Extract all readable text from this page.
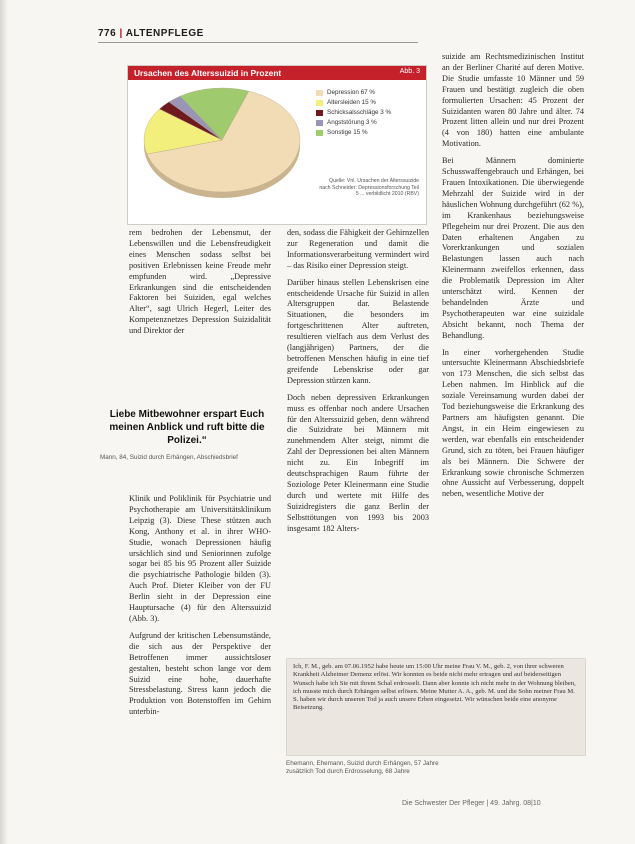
776 | ALTENPFLEGE
Ursachen des Alterssuizid in Prozent	Abb. 3
Depression 67 %
Altersleiden 15 %
Schicksalsschläge 3 %
Angststörung 3 %
Sonstige 15 %
Quelle: Vnl. Ursachen der Alterssuizide nach Schneider: Depressionsforschung Teil 5 ... verbildlicht 2010 (RBV)

rem bedrohen der Lebensmut, der Lebenswillen und die Lebensfreudigkeit eines Menschen sodass selbst bei positiven Erlebnissen keine Freude mehr empfunden wird. „Depressive Erkrankungen sind die entscheidenden Faktoren bei Suiziden, egal welches Alter“, sagt Ulrich Hegerl, Leiter des Kompetenznetzes Depression Suizidalität und Direktor der

Liebe Mitbewohner erspart Euch meinen Anblick und ruft bitte die Polizei.“
Mann, 84, Suizid durch Erhängen, Abschiedsbrief

Klinik und Poliklinik für Psychiatrie und Psychotherapie am Universitätsklinikum Leipzig (3). Diese These stützen auch Kong, Anthony et al. in ihrer WHO-Studie, wonach Depressionen häufig ursächlich sind und Seniorinnen zufolge sogar bei 85 bis 95 Prozent aller Suizide die psychiatrische Pathologie bilden (3). Auch Prof. Dieter Kleiber von der FU Berlin sieht in der Depression eine Hauptursache (4) für den Alterssuizid (Abb. 3).

Aufgrund der kritischen Lebensumstände, die sich aus der Perspektive der Betroffenen immer aussichtsloser gestalten, besteht schon lange vor dem Suizid eine hohe, dauerhafte Stressbelastung. Stress kann jedoch die Produktion von Botenstoffen im Gehirn unterbin-

den, sodass die Fähigkeit der Gehirnzellen zur Regeneration und damit die Informationsverarbeitung vermindert wird – das Risiko einer Depression steigt.

Darüber hinaus stellen Lebenskrisen eine entscheidende Ursache für Suizid in allen Altersgruppen dar. Belastende Situationen, die besonders im fortgeschrittenen Alter auftreten, resultieren vielfach aus dem Verlust des (langjährigen) Partners, der die betroffenen Menschen häufig in eine tief greifende Lebenskrise oder gar Depression stürzen kann.

Doch neben depressiven Erkrankungen muss es offenbar noch andere Ursachen für den Alterssuizid geben, denn während die Suizidrate bei Männern mit zunehmendem Alter steigt, nimmt die Zahl der Depressionen bei alten Männern nicht zu. Ein Inbegriff im deutschsprachigen Raum führte der Soziologe Peter Kleinermann eine Studie durch und wertete mit Hilfe des Suizidregisters die ganz Berlin der Selbsttötungen von 1993 bis 2003 insgesamt 182 Alters-

suizide am Rechtsmedizinischen Institut an der Berliner Charité auf deren Motive. Die Studie umfasste 10 Männer und 59 Frauen und bestätigt zugleich die oben formulierten Ursachen: 45 Prozent der Suizidanten waren 80 Jahre und älter. 74 Prozent litten allein und nur drei Prozent (4 von 180) hatten eine ambulante Motivation.

Bei Männern dominierte Schusswaffengebrauch und Erhängen, bei Frauen Intoxikationen. Die überwiegende Mehrzahl der Suizide wird in der häuslichen Wohnung durchgeführt (62 %), im Krankenhaus beziehungsweise Pflegeheim nur drei Prozent. Die aus den Daten erhaltenen Angaben zu Vorerkrankungen und sozialen Belastungen lassen auch nach Kleinermann zweifellos erkennen, dass die Problematik Depression im Alter unterschätzt wird. Kennen der behandelnden Ärzte und Psychotherapeuten war eine suizidale Absicht bekannt, noch Thema der Behandlung.

In einer vorhergehenden Studie untersuchte Kleinermann Abschiedsbriefe von 173 Menschen, die sich selbst das Leben nahmen. Im Hinblick auf die soziale Vereinsamung wurden dabei der Tod beziehungsweise die Erkrankung des Partners am häufigsten genannt. Die Angst, in ein Heim eingewiesen zu werden, war ebenfalls ein entscheidender Grund, sich zu töten, bei Frauen häufiger als bei Männern. Die Schwere der Erkrankung sowie chronische Schmerzen ohne Aussicht auf Verbesserung, doppelt neben, wesentliche Motive der

Ich, F. M., geb. am 07.06.1952 habe heute um 15:00 Uhr meine Frau V. M., geb. 2, von ihrer schweren Krankheit Alzheimer Demenz erlöst. Wir konnten es beide nicht mehr ertragen und auf beiderseitigen Wunsch habe ich Sie mit ihrem Schal erdrosselt. Dann aber konnte ich nicht mehr in der Wohnung bleiben, ich musste mich durch Erhängen selbst erlösen. Meine Mutter A. A., geb. M. und die Sohn meiner Frau M. S. haben wir durch unseren Tod ja auch unsere Erben eingesetzt. Wir wünschen beide eine anonyme Beisetzung.
Ehemann, Ehemann, Suizid durch Erhängen, 57 Jahre
zusätzlich Tod durch Erdrosselung, 68 Jahre
Die Schwester Der Pfleger | 49. Jahrg. 08|10
